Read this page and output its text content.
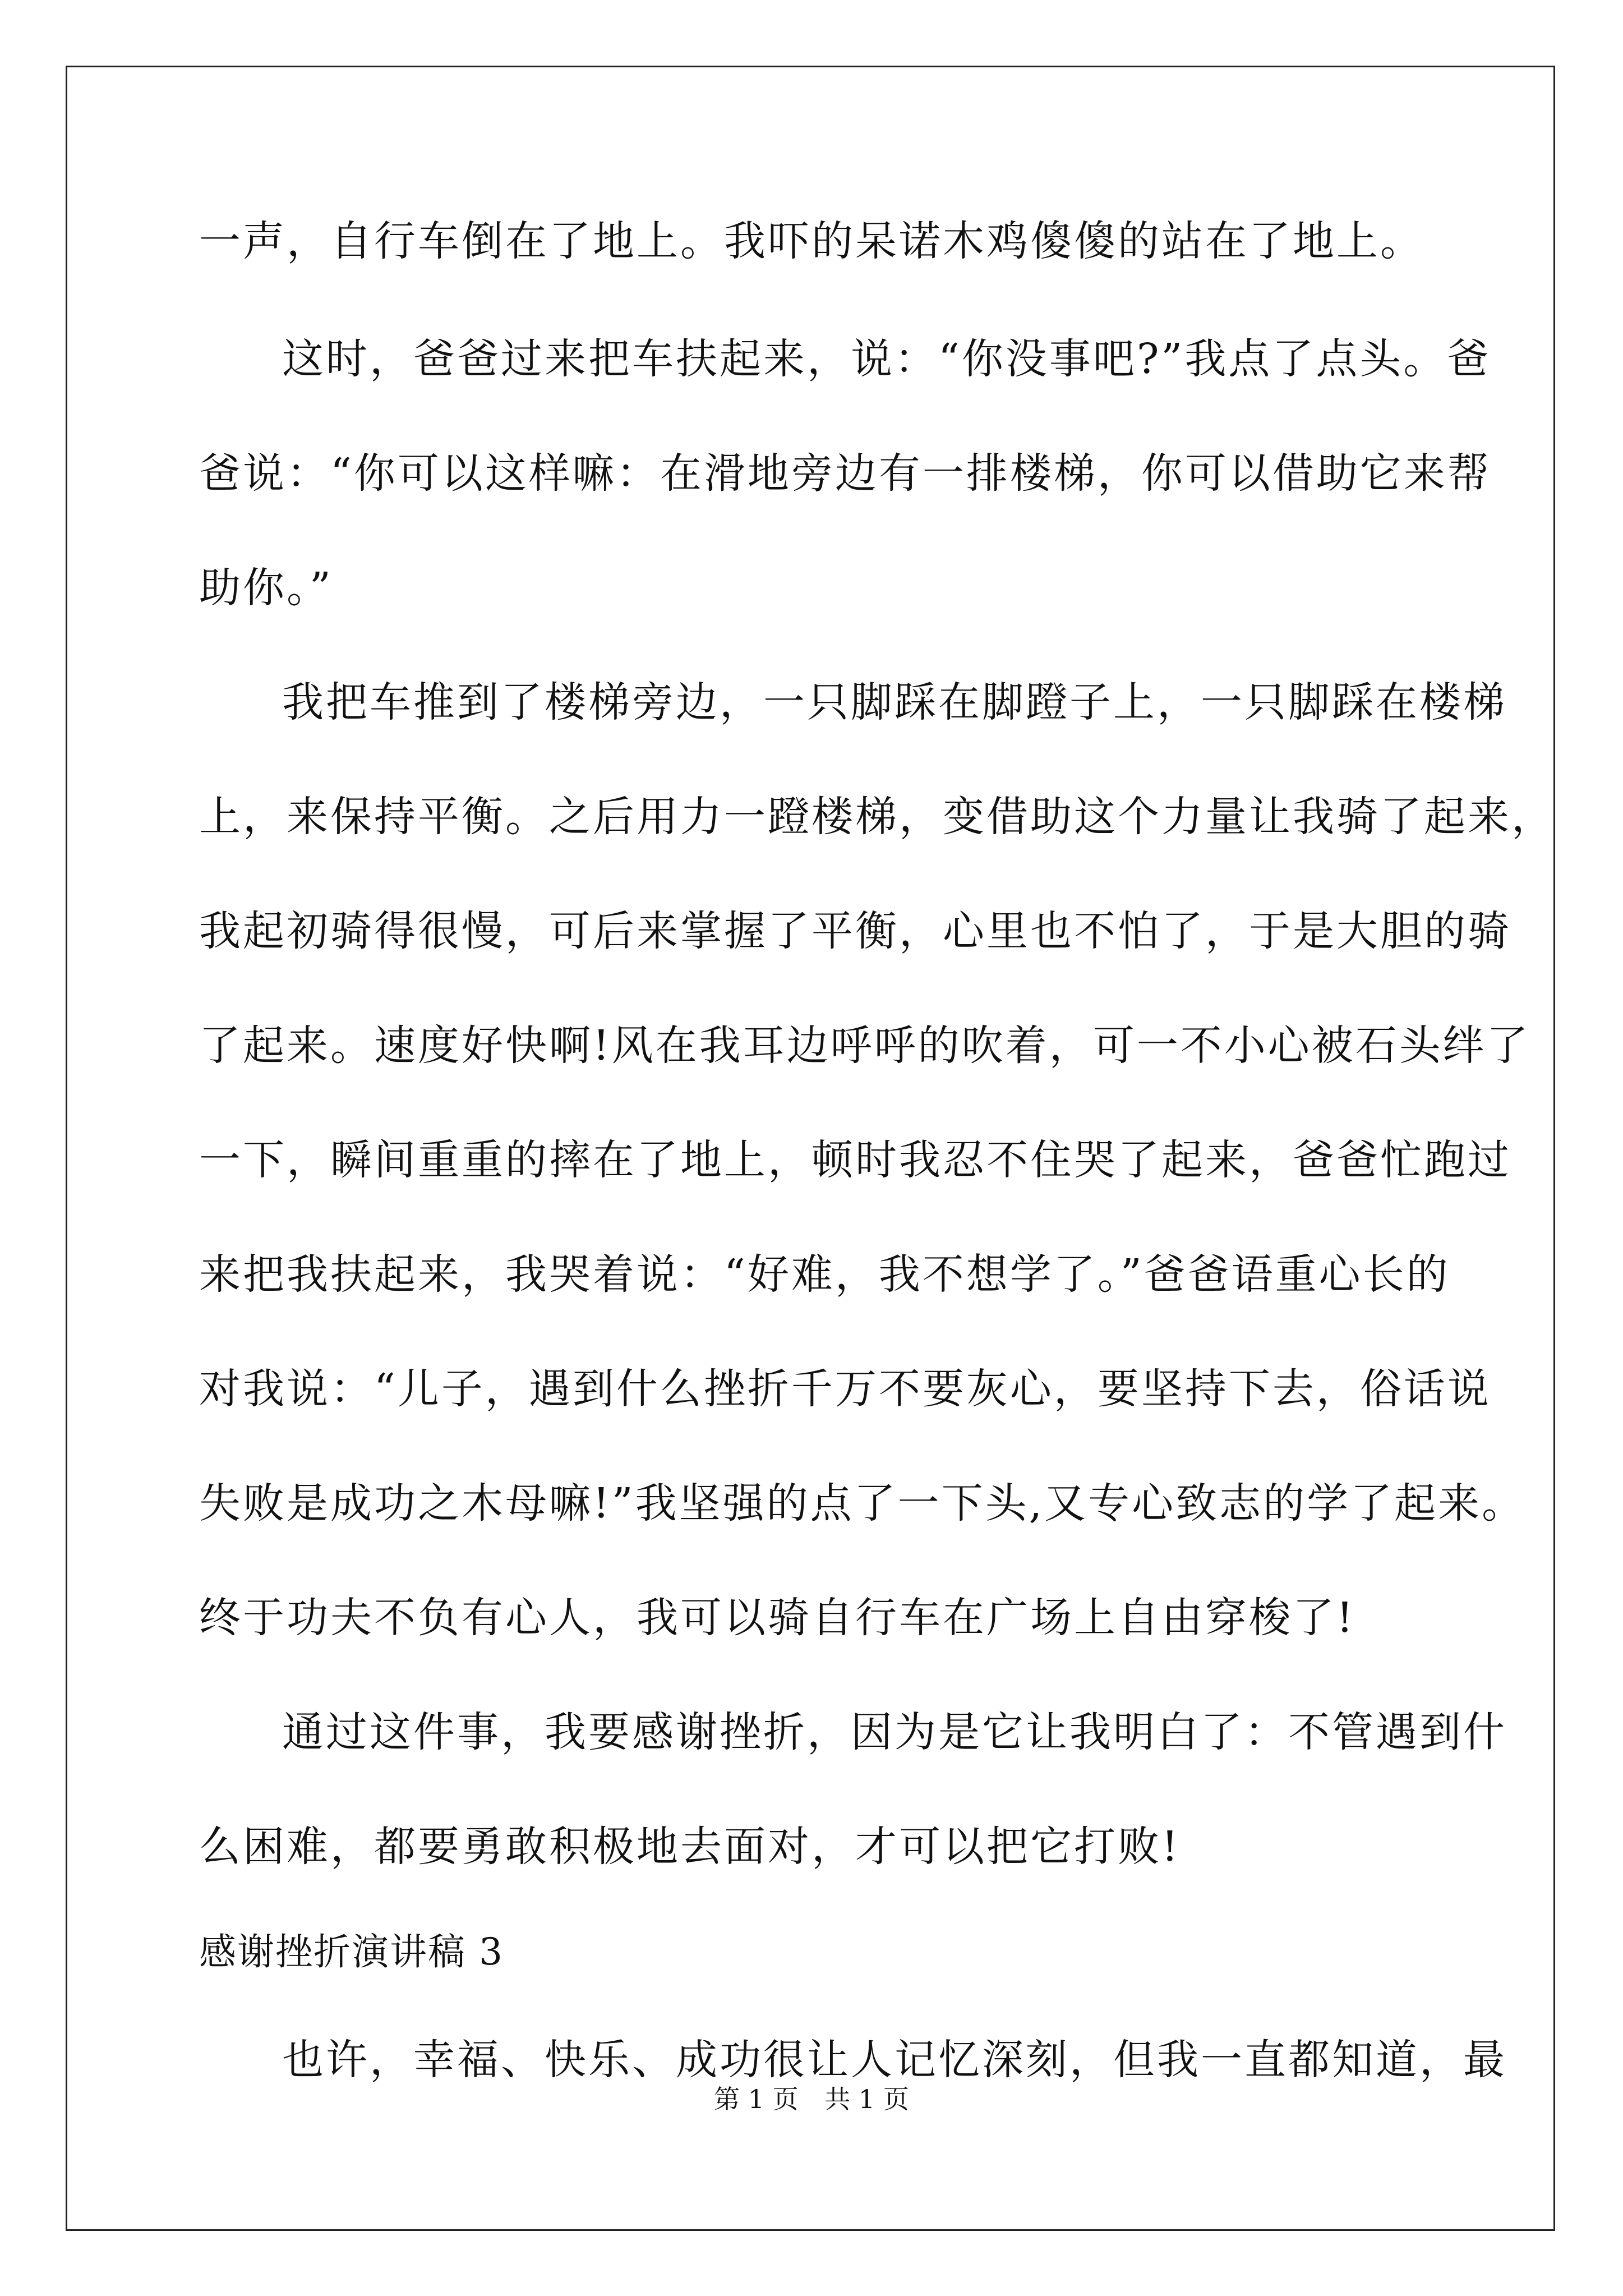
一声，自行车倒在了地上。我吓的呆诺木鸡傻傻的站在了地上。
这时，爸爸过来把车扶起来，说：“你没事吧?”我点了点头。爸
爸说：“你可以这样嘛：在滑地旁边有一排楼梯，你可以借助它来帮
助你。”
我把车推到了楼梯旁边，一只脚踩在脚蹬子上，一只脚踩在楼梯
上，来保持平衡。之后用力一蹬楼梯，变借助这个力量让我骑了起来，
我起初骑得很慢，可后来掌握了平衡，心里也不怕了，于是大胆的骑
了起来。速度好快啊!风在我耳边呼呼的吹着，可一不小心被石头绊了
一下，瞬间重重的摔在了地上，顿时我忍不住哭了起来，爸爸忙跑过
来把我扶起来，我哭着说：“好难，我不想学了。”爸爸语重心长的
对我说：“儿子，遇到什么挫折千万不要灰心，要坚持下去，俗话说
失败是成功之木母嘛!”我坚强的点了一下头,又专心致志的学了起来。
终于功夫不负有心人，我可以骑自行车在广场上自由穿梭了!
通过这件事，我要感谢挫折，因为是它让我明白了：不管遇到什
么困难，都要勇敢积极地去面对，才可以把它打败!
感谢挫折演讲稿 3
也许，幸福、快乐、成功很让人记忆深刻，但我一直都知道，最
第 1 页 共 1 页
